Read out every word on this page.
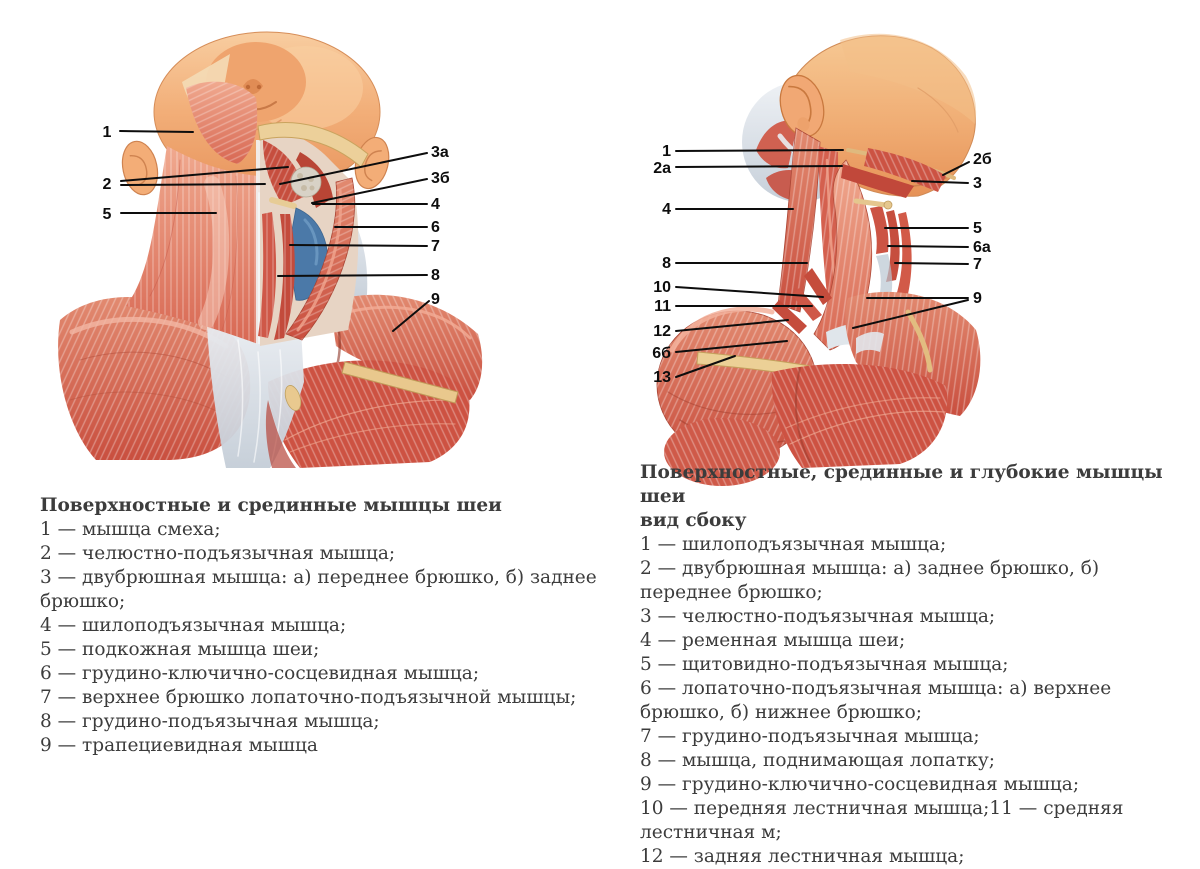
1
2
5
3а
3б
4
6
7
8
9
1
2а
4
8
10
11
12
6б
13
2б
3
5
6а
7
9
Поверхностные и срединные мышцы шеи
1 — мышца смеха;
2 — челюстно-подъязычная мышца;
3 — двубрюшная мышца: а) переднее брюшко, б) заднее брюшко;
4 — шилоподъязычная мышца;
5 — подкожная мышца шеи;
6 — грудино-ключично-сосцевидная мышца;
7 — верхнее брюшко лопаточно-подъязычной мышцы;
8 — грудино-подъязычная мышца;
9 — трапециевидная мышца
Поверхностные, срединные и глубокие мышцы шеи
вид сбоку
1 — шилоподъязычная мышца;
2 — двубрюшная мышца: а) заднее брюшко, б) переднее брюшко;
3 — челюстно-подъязычная мышца;
4 — ременная мышца шеи;
5 — щитовидно-подъязычная мышца;
6 — лопаточно-подъязычная мышца: а) верхнее брюшко, б) нижнее брюшко;
7 — грудино-подъязычная мышца;
8 — мышца, поднимающая лопатку;
9 — грудино-ключично-сосцевидная мышца;
10 — передняя лестничная мышца;11 — средняя лестничная м;
12 — задняя лестничная мышца;
